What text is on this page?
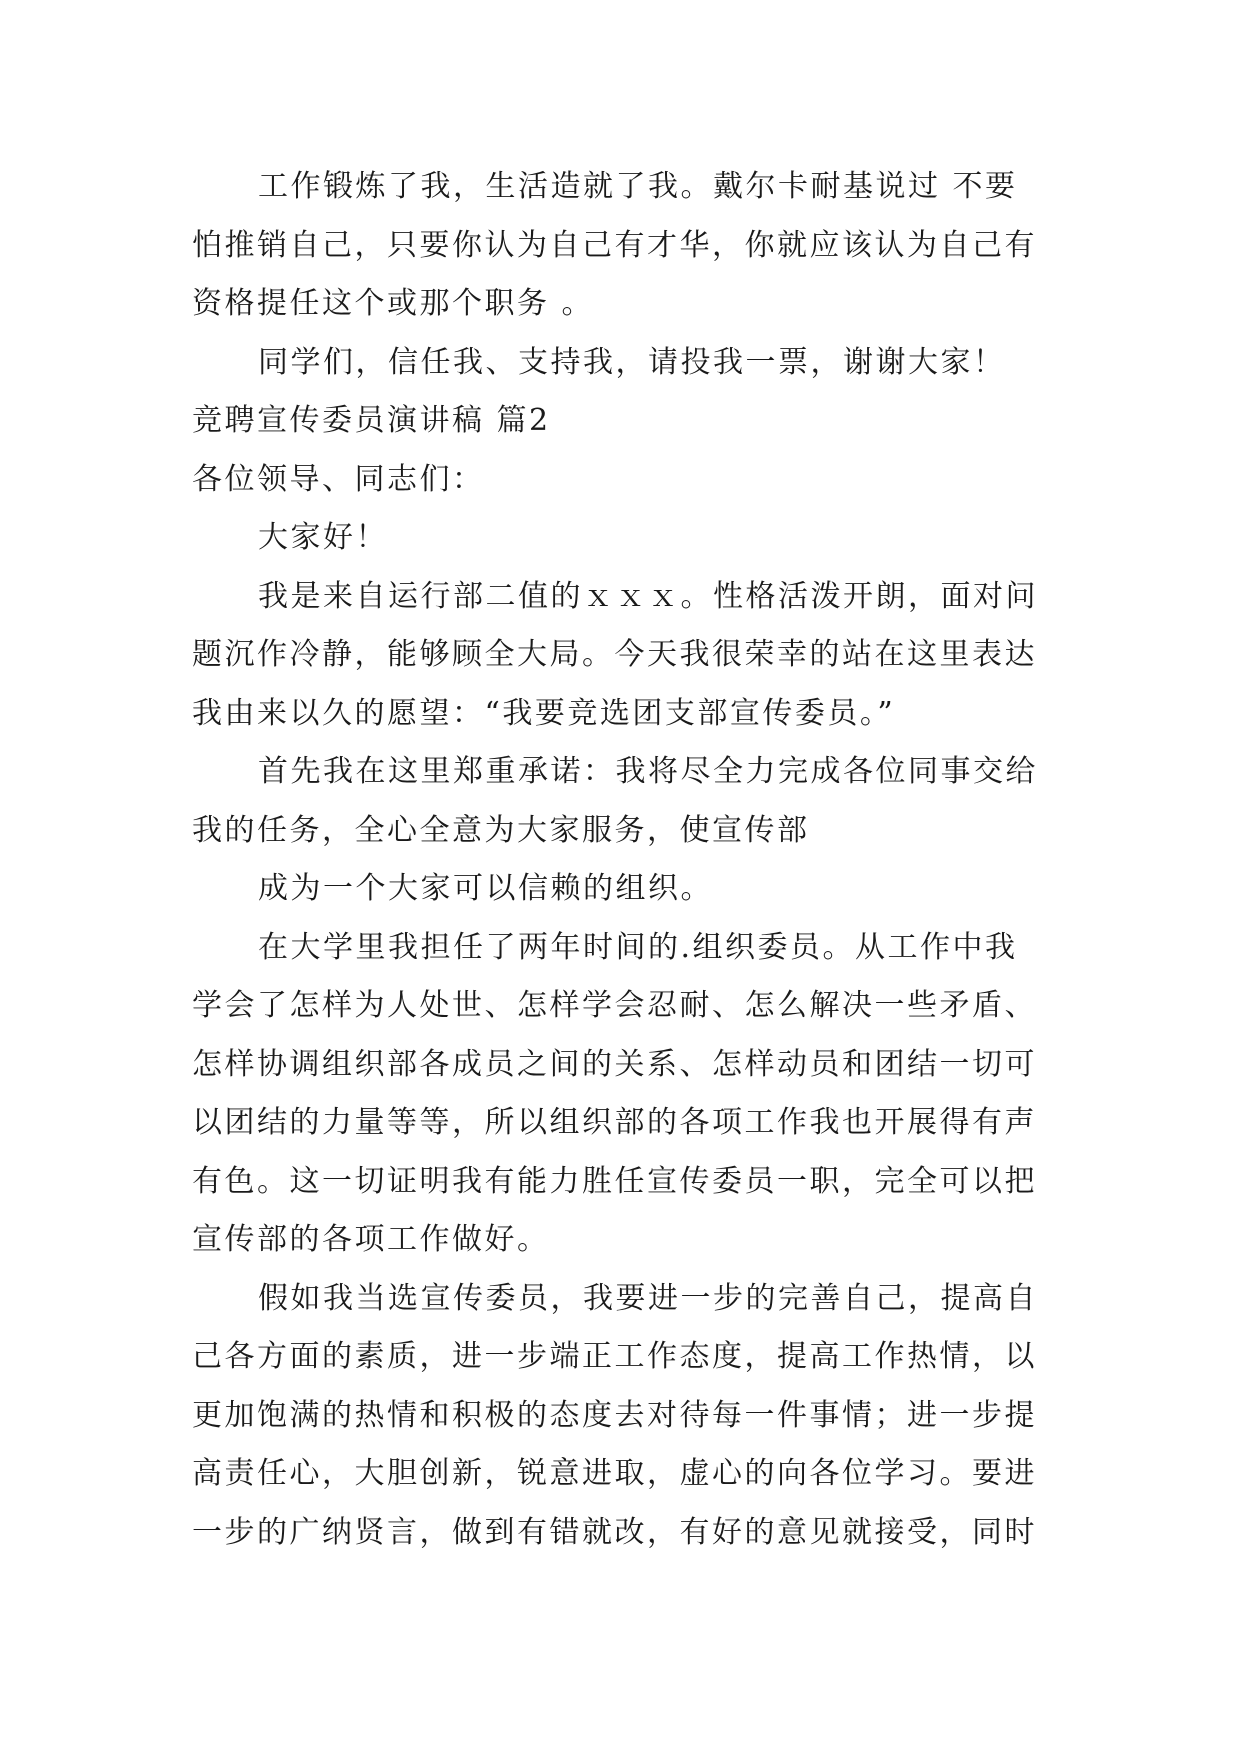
工作锻炼了我，生活造就了我。戴尔卡耐基说过 不要
怕推销自己，只要你认为自己有才华，你就应该认为自己有
资格提任这个或那个职务 。
同学们，信任我、支持我，请投我一票，谢谢大家！
竞聘宣传委员演讲稿 篇2
各位领导、同志们：
大家好！
我是来自运行部二值的ｘｘｘ。性格活泼开朗，面对问
题沉作冷静，能够顾全大局。今天我很荣幸的站在这里表达
我由来以久的愿望：“我要竞选团支部宣传委员。”
首先我在这里郑重承诺：我将尽全力完成各位同事交给
我的任务，全心全意为大家服务，使宣传部
成为一个大家可以信赖的组织。
在大学里我担任了两年时间的.组织委员。从工作中我
学会了怎样为人处世、怎样学会忍耐、怎么解决一些矛盾、
怎样协调组织部各成员之间的关系、怎样动员和团结一切可
以团结的力量等等，所以组织部的各项工作我也开展得有声
有色。这一切证明我有能力胜任宣传委员一职，完全可以把
宣传部的各项工作做好。
假如我当选宣传委员，我要进一步的完善自己，提高自
己各方面的素质，进一步端正工作态度，提高工作热情，以
更加饱满的热情和积极的态度去对待每一件事情；进一步提
高责任心，大胆创新，锐意进取，虚心的向各位学习。要进
一步的广纳贤言，做到有错就改，有好的意见就接受，同时
